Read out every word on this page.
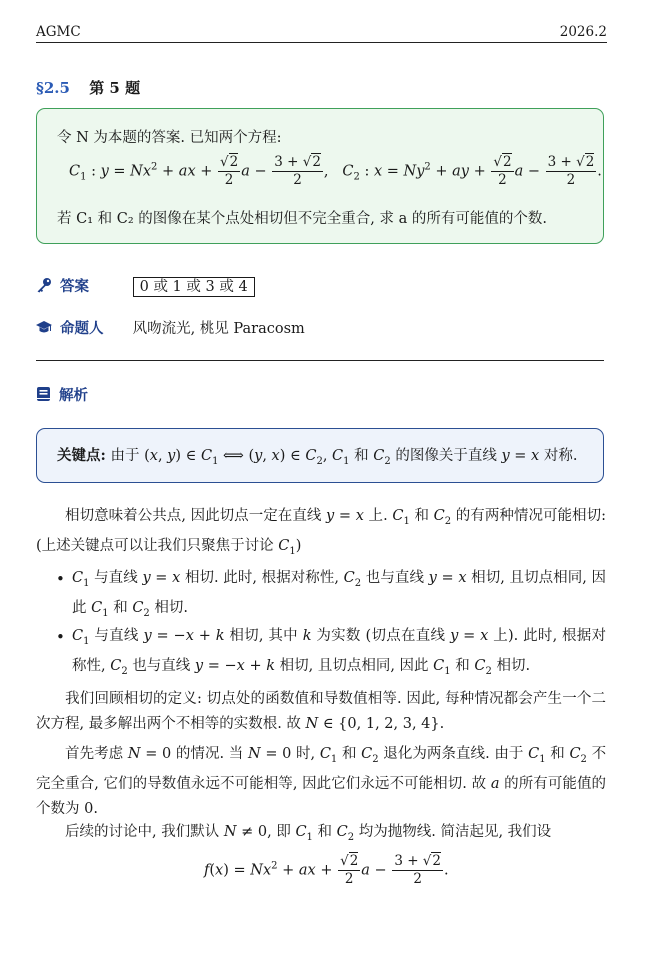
AGMC	2026.2
§2.5 第 5 题
令 N 为本题的答案. 已知两个方程:
$C_1$ : $y = Nx^2$ + ax + $\frac{√2}{2}$ $a - \frac{3 + √2}{2}$ ,   $C_2$ : $x = Ny^2$ + ay + $\frac{√2}{2}$ $a - \frac{3 + √2}{2}$ .
若 C₁ 和 C₂ 的图像在某个点处相切但不完全重合, 求 a 的所有可能值的个数.
答案	0 或 1 或 3 或 4
命题人 风吻流光, 桃见 Paracosm
解析
关键点: 由于 (x, y) ∈ $C_1$ ⟺ (y, x) ∈ $C_2$, $C_1$ 和 $C_2$ 的图像关于直线 y = x 对称.
  相切意味着公共点, 因此切点一定在直线 y = x 上. $C_1$ 和 $C_2$ 的有两种情况可能相切: (上述关键点可以让我们只聚焦于讨论 $C_1$)
• $C_1$ 与直线 y = x 相切. 此时, 根据对称性, $C_2$ 也与直线 y = x 相切, 且切点相同, 因此 $C_1$ 和 $C_2$ 相切.
• $C_1$ 与直线 y = −x + k 相切, 其中 k 为实数 (切点在直线 y = x 上). 此时, 根据对称性, $C_2$ 也与直线 y = −x + k 相切, 且切点相同, 因此 $C_1$ 和 $C_2$ 相切.
  我们回顾相切的定义: 切点处的函数值和导数值相等. 因此, 每种情况都会产生一个二次方程, 最多解出两个不相等的实数根. 故 N ∈ {0, 1, 2, 3, 4}.
  首先考虑 N = 0 的情况. 当 N = 0 时, $C_1$ 和 $C_2$ 退化为两条直线. 由于 $C_1$ 和 $C_2$ 不完全重合, 它们的导数值永远不可能相等, 因此它们永远不可能相切. 故 a 的所有可能值的个数为 0.
  后续的讨论中, 我们默认 N ≠ 0, 即 $C_1$ 和 $C_2$ 均为抛物线. 简洁起见, 我们设
$f(x) = Nx^2$ + ax + $\frac{√2}{2}$ $a - \frac{3 + √2}{2}$ .
